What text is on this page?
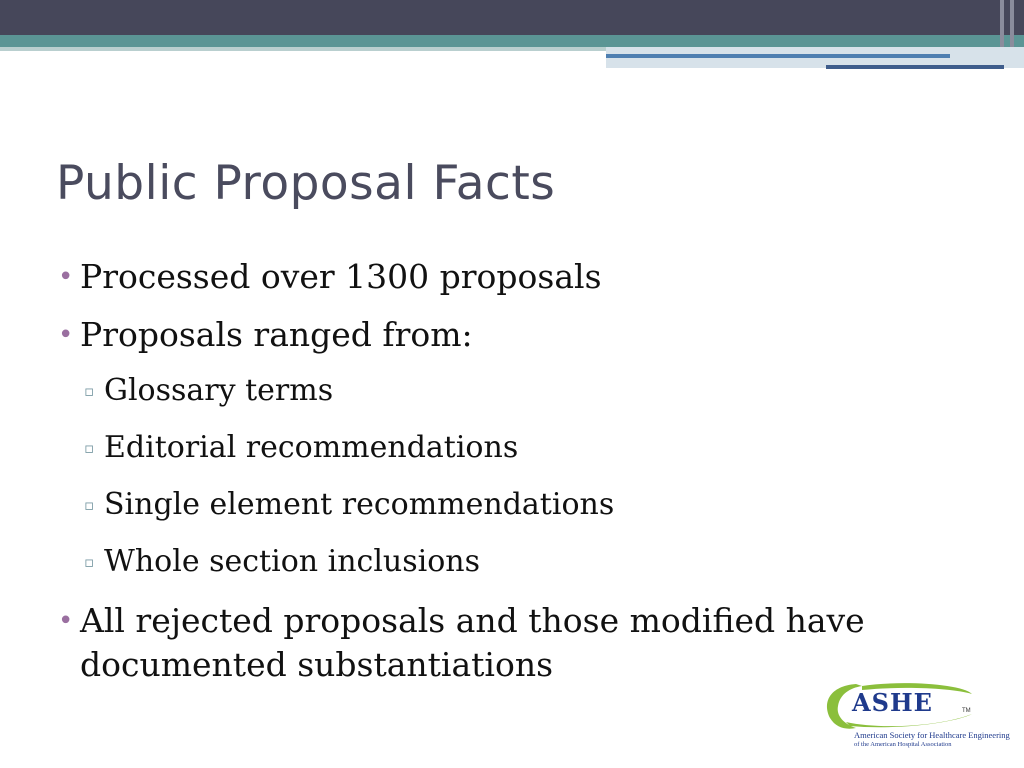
Public Proposal Facts
• Processed over 1300 proposals
• Proposals ranged from:
▫ Glossary terms
▫ Editorial recommendations
▫ Single element recommendations
▫ Whole section inclusions
• All rejected proposals and those modified have
documented substantiations
ASHE	TM
American Society for Healthcare Engineering
of the American Hospital Association
